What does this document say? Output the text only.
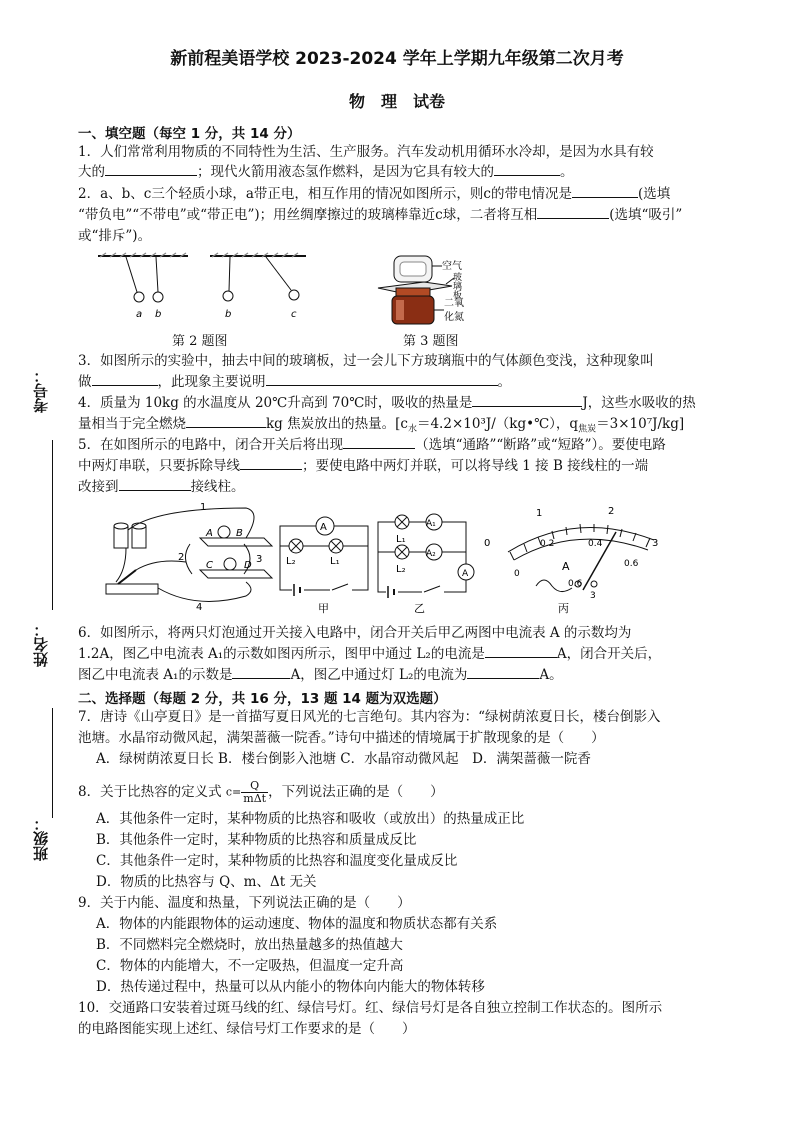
新前程美语学校 2023-2024 学年上学期九年级第二次月考
物　理　试卷
考号：
姓名：
班级：
一、填空题（每空 1 分，共 14 分）
1．人们常常利用物质的不同特性为生活、生产服务。汽车发动机用循环水冷却，是因为水具有较
大的	；现代火箭用液态氢作燃料，是因为它具有较大的	。
2．a、b、c三个轻质小球，a带正电，相互作用的情况如图所示，则c的带电情况是	(选填
“带负电”“不带电”或“带正电”)；用丝绸摩擦过的玻璃棒靠近c球，二者将互相	(选填“吸引”
或“排斥”)。
a b	b	c
第 2 题图
空气
玻璃板
二氧
化氮
第 3 题图
3．如图所示的实验中，抽去中间的玻璃板，过一会儿下方玻璃瓶中的气体颜色变浅，这种现象叫
做	，此现象主要说明	。
4．质量为 10kg 的水温度从 20℃升高到 70℃时，吸收的热量是	J，这些水吸收的热
量相当于完全燃烧	kg 焦炭放出的热量。[$c_水=4.2\times 10^3J/(kg•℃)$，$q_{焦炭}=3\times 10^7J/kg$]
5．在如图所示的电路中，闭合开关后将出现	（选填“通路”“断路”或“短路”）。要使电路
中两灯串联，只要拆除导线	；要使电路中两灯并联，可以将导线 1 接 B 接线柱的一端
改接到	接线柱。
1
2	3
4
A B
C	D
A
L₂	L₁
甲
A₁
A₂
A
L₁
L₂
乙
0
1	2
3
0
0.2	0.4
0.6
A
0.6
3
丙
6．如图所示，将两只灯泡通过开关接入电路中，闭合开关后甲乙两图中电流表 A 的示数均为
1.2A，图乙中电流表 A₁的示数如图丙所示，图甲中通过 L₂的电流是	A，闭合开关后，
图乙中电流表 A₁的示数是	A，图乙中通过灯 L₂的电流为	A。
二、选择题（每题 2 分，共 16 分，13 题 14 题为双选题）
7．唐诗《山亭夏日》是一首描写夏日风光的七言绝句。其内容为：“绿树荫浓夏日长，楼台倒影入
池塘。水晶帘动微风起，满架蔷薇一院香。”诗句中描述的情境属于扩散现象的是（　　）
A．绿树荫浓夏日长 B．楼台倒影入池塘 C．水晶帘动微风起　D．满架蔷薇一院香
8．关于比热容的定义式 c= Q
mΔt ，下列说法正确的是（　　）
A．其他条件一定时，某种物质的比热容和吸收（或放出）的热量成正比
B．其他条件一定时，某种物质的比热容和质量成反比
C．其他条件一定时，某种物质的比热容和温度变化量成反比
D．物质的比热容与 Q、m、Δt 无关
9．关于内能、温度和热量，下列说法正确的是（　　）
A．物体的内能跟物体的运动速度、物体的温度和物质状态都有关系
B．不同燃料完全燃烧时，放出热量越多的热值越大
C．物体的内能增大，不一定吸热，但温度一定升高
D．热传递过程中，热量可以从内能小的物体向内能大的物体转移
10．交通路口安装着过斑马线的红、绿信号灯。红、绿信号灯是各自独立控制工作状态的。图所示
的电路图能实现上述红、绿信号灯工作要求的是（　　）
